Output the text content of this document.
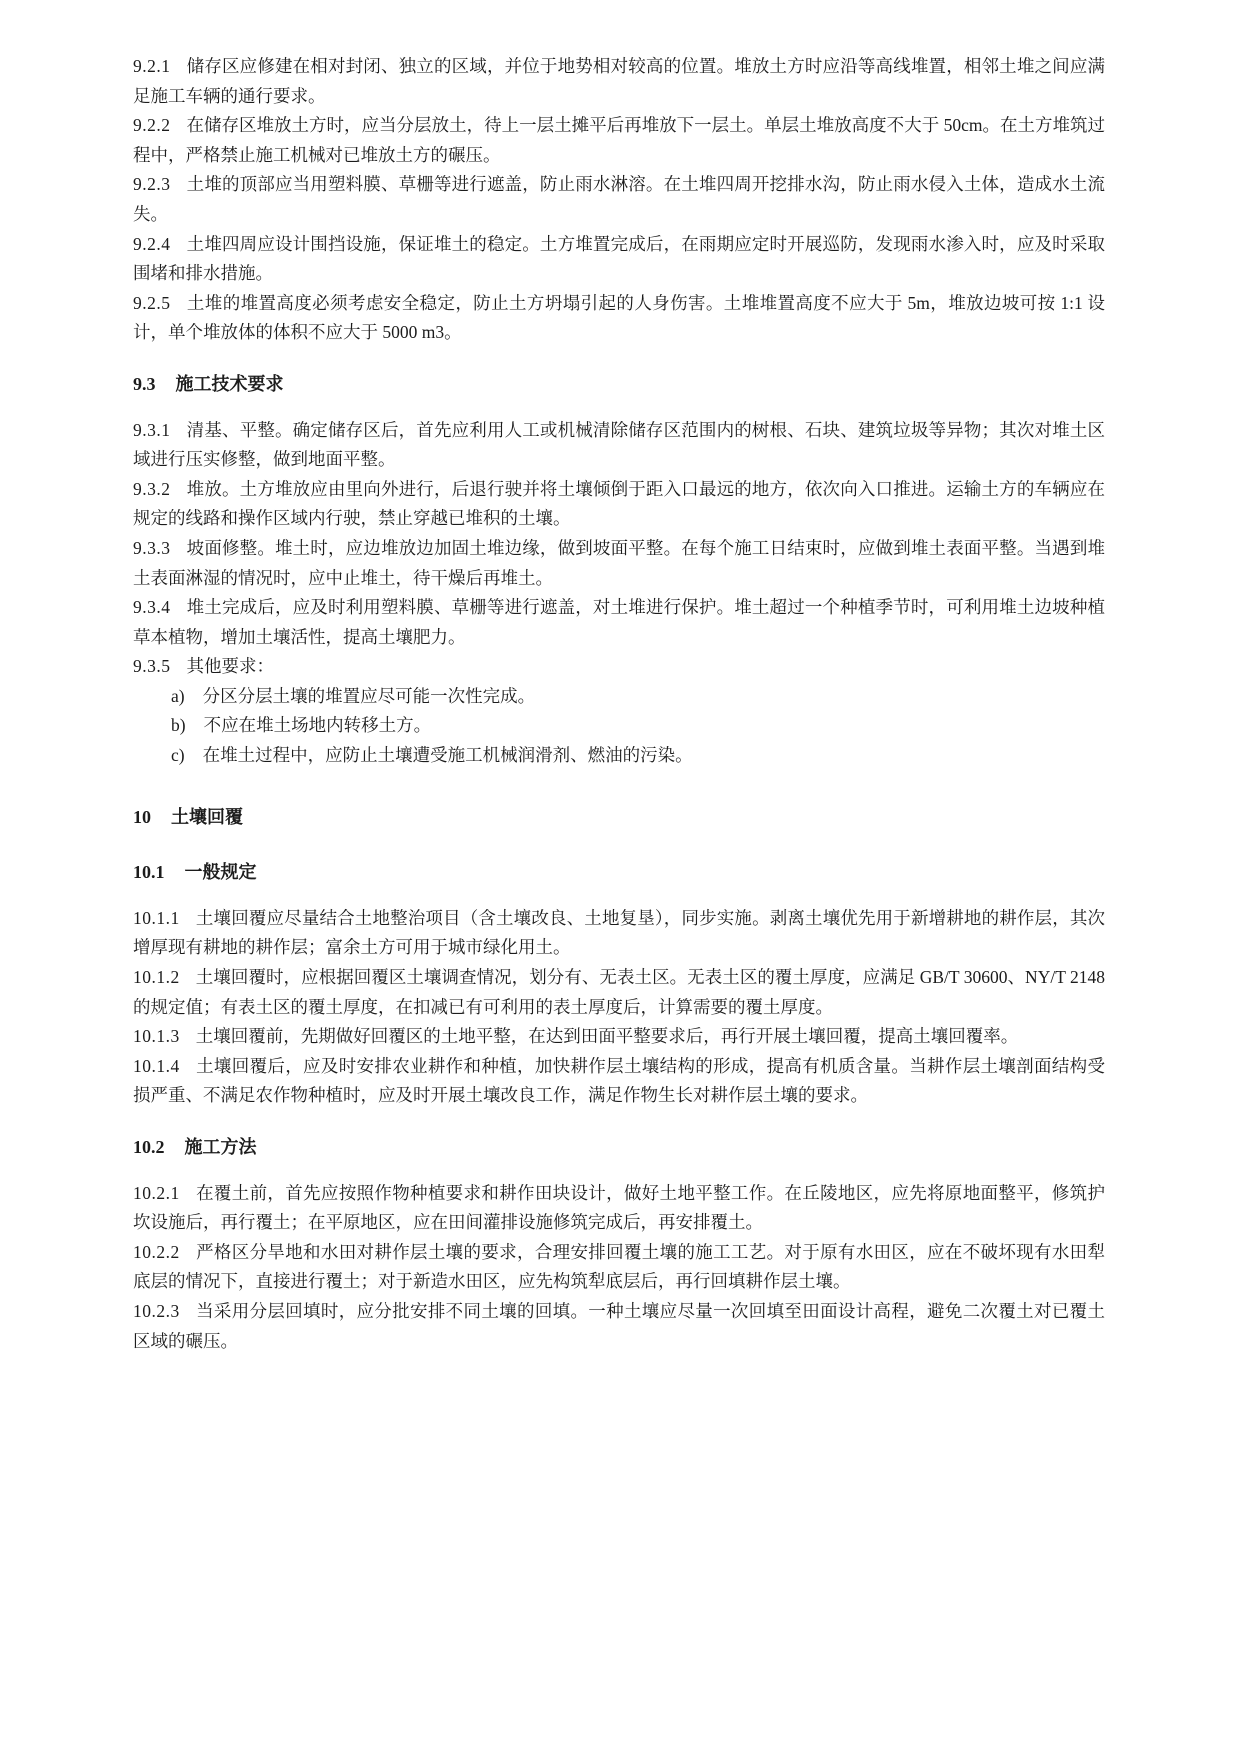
9.2.1 储存区应修建在相对封闭、独立的区域，并位于地势相对较高的位置。堆放土方时应沿等高线堆置，相邻土堆之间应满足施工车辆的通行要求。

9.2.2 在储存区堆放土方时，应当分层放土，待上一层土摊平后再堆放下一层土。单层土堆放高度不大于 50cm。在土方堆筑过程中，严格禁止施工机械对已堆放土方的碾压。

9.2.3 土堆的顶部应当用塑料膜、草栅等进行遮盖，防止雨水淋溶。在土堆四周开挖排水沟，防止雨水侵入土体，造成水土流失。

9.2.4 土堆四周应设计围挡设施，保证堆土的稳定。土方堆置完成后，在雨期应定时开展巡防，发现雨水渗入时，应及时采取围堵和排水措施。

9.2.5 土堆的堆置高度必须考虑安全稳定，防止土方坍塌引起的人身伤害。土堆堆置高度不应大于 5m，堆放边坡可按 1:1 设计，单个堆放体的体积不应大于 5000 m3。

9.3 施工技术要求

9.3.1 清基、平整。确定储存区后，首先应利用人工或机械清除储存区范围内的树根、石块、建筑垃圾等异物；其次对堆土区域进行压实修整，做到地面平整。

9.3.2 堆放。土方堆放应由里向外进行，后退行驶并将土壤倾倒于距入口最远的地方，依次向入口推进。运输土方的车辆应在规定的线路和操作区域内行驶，禁止穿越已堆积的土壤。

9.3.3 坡面修整。堆土时，应边堆放边加固土堆边缘，做到坡面平整。在每个施工日结束时，应做到堆土表面平整。当遇到堆土表面淋湿的情况时，应中止堆土，待干燥后再堆土。

9.3.4 堆土完成后，应及时利用塑料膜、草栅等进行遮盖，对土堆进行保护。堆土超过一个种植季节时，可利用堆土边坡种植草本植物，增加土壤活性，提高土壤肥力。

9.3.5 其他要求：

a) 分区分层土壤的堆置应尽可能一次性完成。

b) 不应在堆土场地内转移土方。

c) 在堆土过程中，应防止土壤遭受施工机械润滑剂、燃油的污染。

10 土壤回覆

10.1 一般规定

10.1.1 土壤回覆应尽量结合土地整治项目（含土壤改良、土地复垦），同步实施。剥离土壤优先用于新增耕地的耕作层，其次增厚现有耕地的耕作层；富余土方可用于城市绿化用土。

10.1.2 土壤回覆时，应根据回覆区土壤调查情况，划分有、无表土区。无表土区的覆土厚度，应满足 GB/T 30600、NY/T 2148 的规定值；有表土区的覆土厚度，在扣减已有可利用的表土厚度后，计算需要的覆土厚度。

10.1.3 土壤回覆前，先期做好回覆区的土地平整，在达到田面平整要求后，再行开展土壤回覆，提高土壤回覆率。

10.1.4 土壤回覆后，应及时安排农业耕作和种植，加快耕作层土壤结构的形成，提高有机质含量。当耕作层土壤剖面结构受损严重、不满足农作物种植时，应及时开展土壤改良工作，满足作物生长对耕作层土壤的要求。

10.2 施工方法

10.2.1 在覆土前，首先应按照作物种植要求和耕作田块设计，做好土地平整工作。在丘陵地区，应先将原地面整平，修筑护坎设施后，再行覆土；在平原地区，应在田间灌排设施修筑完成后，再安排覆土。

10.2.2 严格区分旱地和水田对耕作层土壤的要求，合理安排回覆土壤的施工工艺。对于原有水田区，应在不破坏现有水田犁底层的情况下，直接进行覆土；对于新造水田区，应先构筑犁底层后，再行回填耕作层土壤。

10.2.3 当采用分层回填时，应分批安排不同土壤的回填。一种土壤应尽量一次回填至田面设计高程，避免二次覆土对已覆土区域的碾压。
